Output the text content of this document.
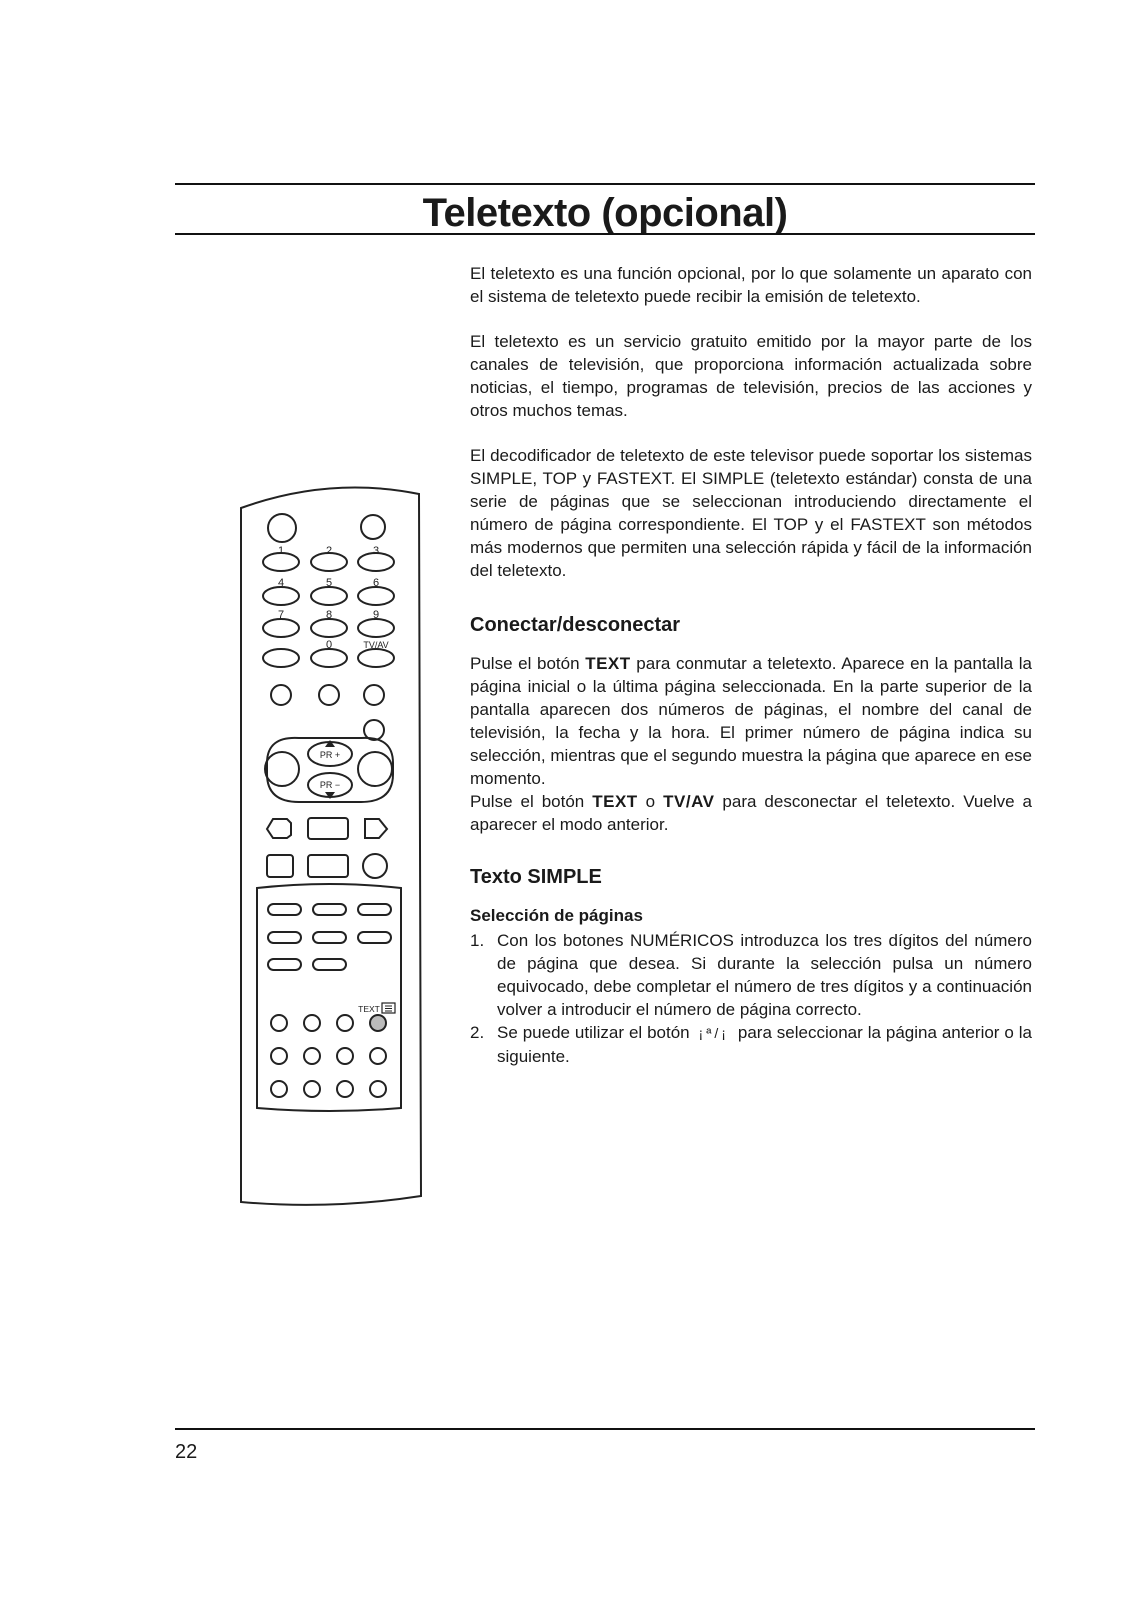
Teletexto (opcional)

El teletexto es una función opcional, por lo que solamente un aparato con el sistema de teletexto puede recibir la emisión de teletexto.

El teletexto es un servicio gratuito emitido por la mayor parte de los canales de televisión, que proporciona información actualizada sobre noticias, el tiempo, programas de televisión, precios de las acciones y otros muchos temas.

El decodificador de teletexto de este televisor puede soportar los sistemas SIMPLE, TOP y FASTEXT. El SIMPLE (teletexto estándar) consta de una serie de páginas que se seleccionan introduciendo directamente el número de página correspondiente. El TOP y el FASTEXT son métodos más modernos que permiten una selección rápida y fácil de la información del teletexto.

Conectar/desconectar

Pulse el botón TEXT para conmutar a teletexto. Aparece en la pantalla la página inicial o la última página seleccionada. En la parte superior de la pantalla aparecen dos números de páginas, el nombre del canal de televisión, la fecha y la hora. El primer número de página indica su selección, mientras que el segundo muestra la página que aparece en ese momento.

Pulse el botón TEXT o TV/AV para desconectar el teletexto. Vuelve a aparecer el modo anterior.

Texto SIMPLE
Selección de páginas
1. Con los botones NUMÉRICOS introduzca los tres dígitos del número de página que desea. Si durante la selección pulsa un número equivocado, debe completar el número de tres dígitos y a continuación volver a introducir el número de página correcto.
2. Se puede utilizar el botón ¡ª/¡ para seleccionar la página anterior o la siguiente.
1	2	3
4	5	6
7	8	9
0	TV/AV
PR +
PR −
TEXT
22
